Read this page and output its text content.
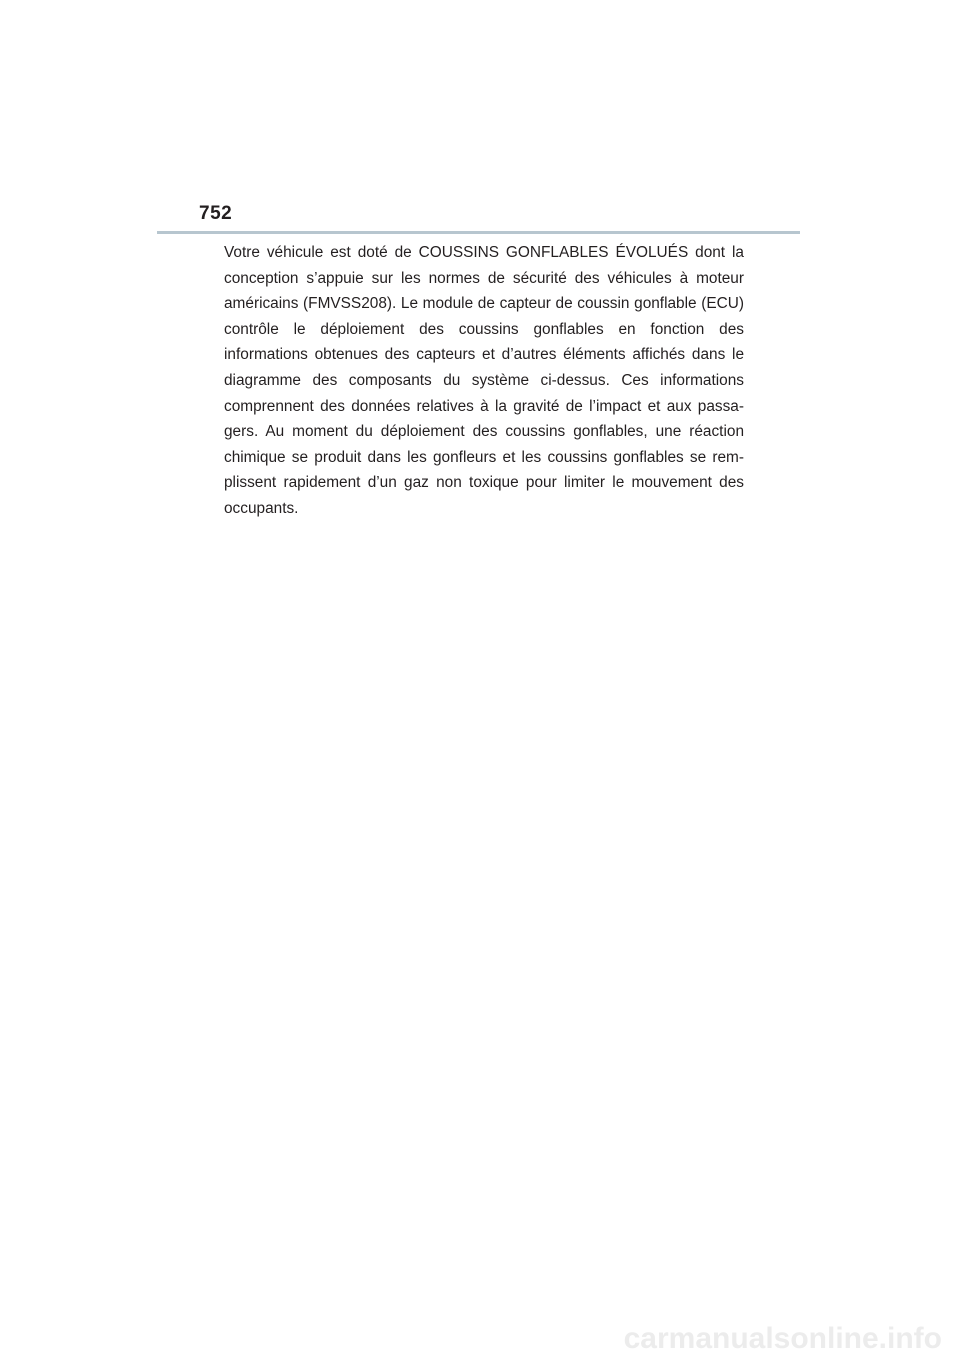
752

Votre véhicule est doté de COUSSINS GONFLABLES ÉVOLUÉS dont la conception s’appuie sur les normes de sécurité des véhicules à moteur américains (FMVSS208). Le module de capteur de coussin gonflable (ECU) contrôle le déploiement des coussins gonflables en fonction des informations obtenues des capteurs et d’autres éléments affichés dans le diagramme des composants du système ci-dessus. Ces informations comprennent des données relatives à la gravité de l’impact et aux passa-gers. Au moment du déploiement des coussins gonflables, une réaction chimique se produit dans les gonfleurs et les coussins gonflables se rem-plissent rapidement d’un gaz non toxique pour limiter le mouvement des occupants.

carmanualsonline.info
